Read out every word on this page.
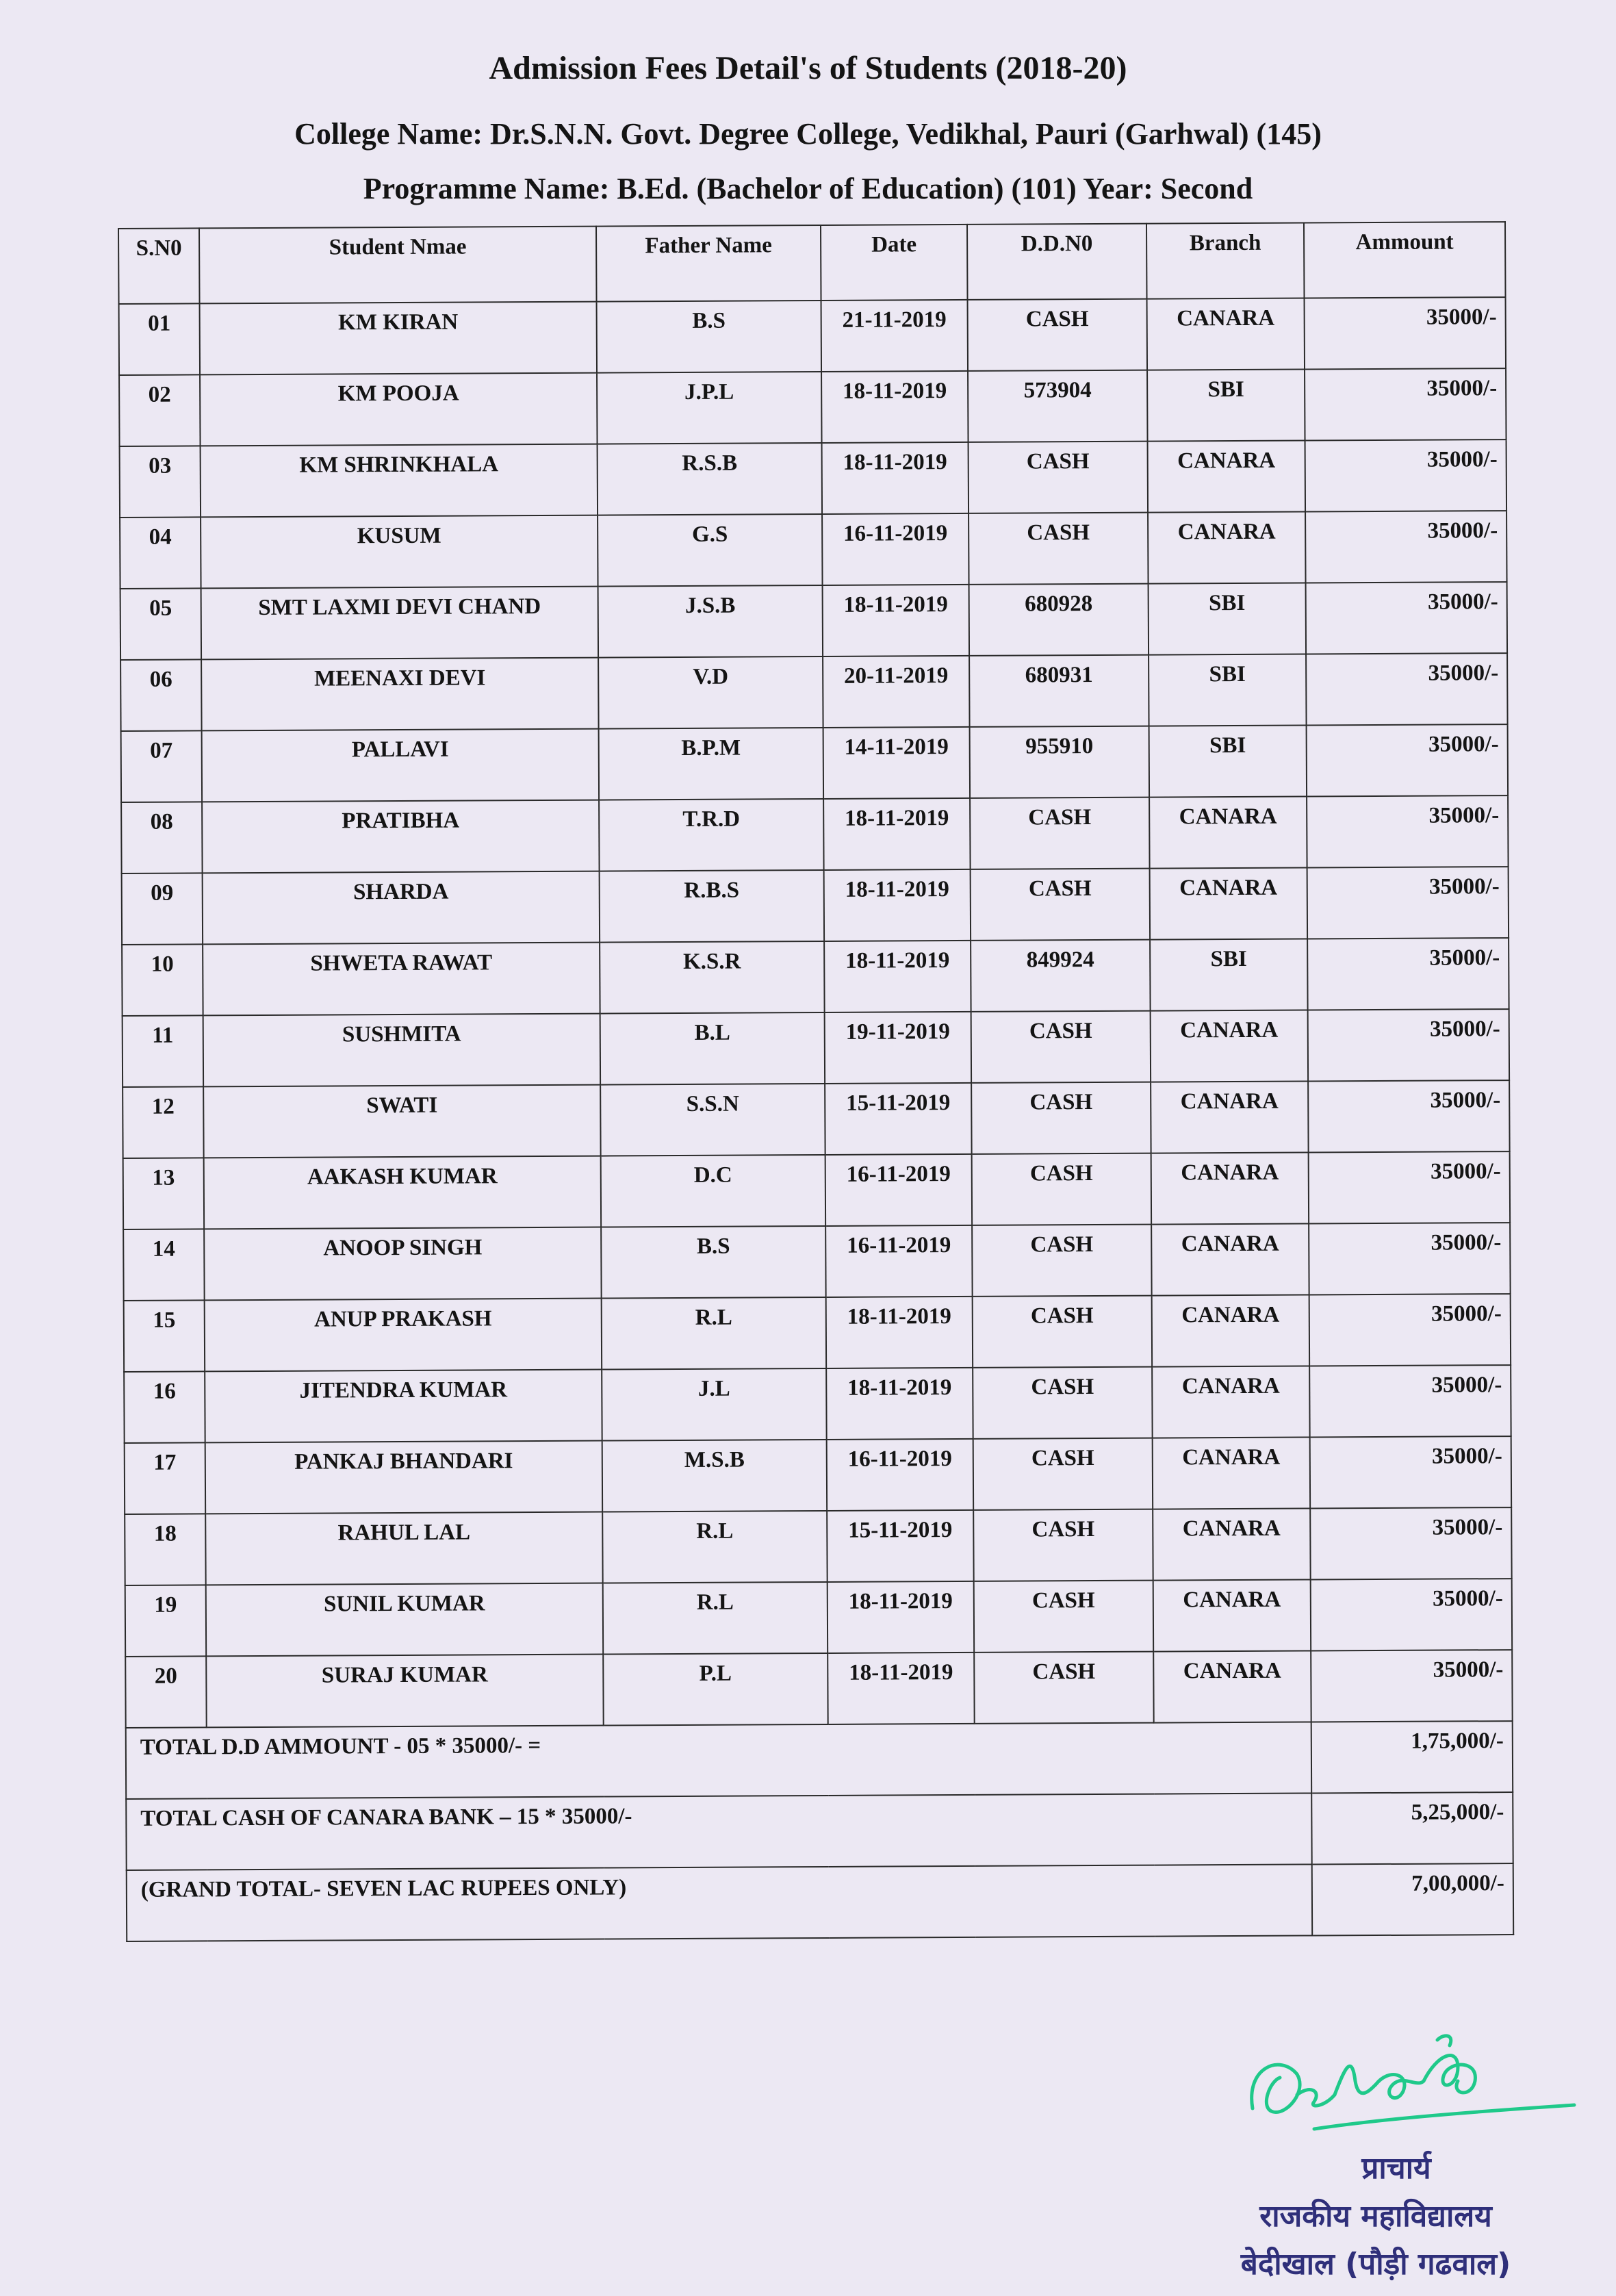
Admission Fees Detail's of Students (2018-20)
College Name: Dr.S.N.N. Govt. Degree College, Vedikhal, Pauri (Garhwal) (145)
Programme Name: B.Ed. (Bachelor of Education) (101) Year: Second
S.N0	Student Nmae	Father Name	Date	D.D.N0	Branch	Ammount
01	KM KIRAN	B.S	21-11-2019	CASH	CANARA	35000/-
02	KM POOJA	J.P.L	18-11-2019	573904	SBI	35000/-
03	KM SHRINKHALA	R.S.B	18-11-2019	CASH	CANARA	35000/-
04	KUSUM	G.S	16-11-2019	CASH	CANARA	35000/-
05	SMT LAXMI DEVI CHAND	J.S.B	18-11-2019	680928	SBI	35000/-
06	MEENAXI DEVI	V.D	20-11-2019	680931	SBI	35000/-
07	PALLAVI	B.P.M	14-11-2019	955910	SBI	35000/-
08	PRATIBHA	T.R.D	18-11-2019	CASH	CANARA	35000/-
09	SHARDA	R.B.S	18-11-2019	CASH	CANARA	35000/-
10	SHWETA RAWAT	K.S.R	18-11-2019	849924	SBI	35000/-
11	SUSHMITA	B.L	19-11-2019	CASH	CANARA	35000/-
12	SWATI	S.S.N	15-11-2019	CASH	CANARA	35000/-
13	AAKASH KUMAR	D.C	16-11-2019	CASH	CANARA	35000/-
14	ANOOP SINGH	B.S	16-11-2019	CASH	CANARA	35000/-
15	ANUP PRAKASH	R.L	18-11-2019	CASH	CANARA	35000/-
16	JITENDRA KUMAR	J.L	18-11-2019	CASH	CANARA	35000/-
17	PANKAJ BHANDARI	M.S.B	16-11-2019	CASH	CANARA	35000/-
18	RAHUL LAL	R.L	15-11-2019	CASH	CANARA	35000/-
19	SUNIL KUMAR	R.L	18-11-2019	CASH	CANARA	35000/-
20	SURAJ KUMAR	P.L	18-11-2019	CASH	CANARA	35000/-
TOTAL D.D AMMOUNT - 05 * 35000/- =						1,75,000/-
TOTAL CASH OF CANARA BANK – 15 * 35000/-						5,25,000/-
(GRAND TOTAL- SEVEN LAC RUPEES ONLY)						7,00,000/-

प्राचार्य

राजकीय महाविद्यालय

बेदीखाल (पौड़ी गढवाल)
